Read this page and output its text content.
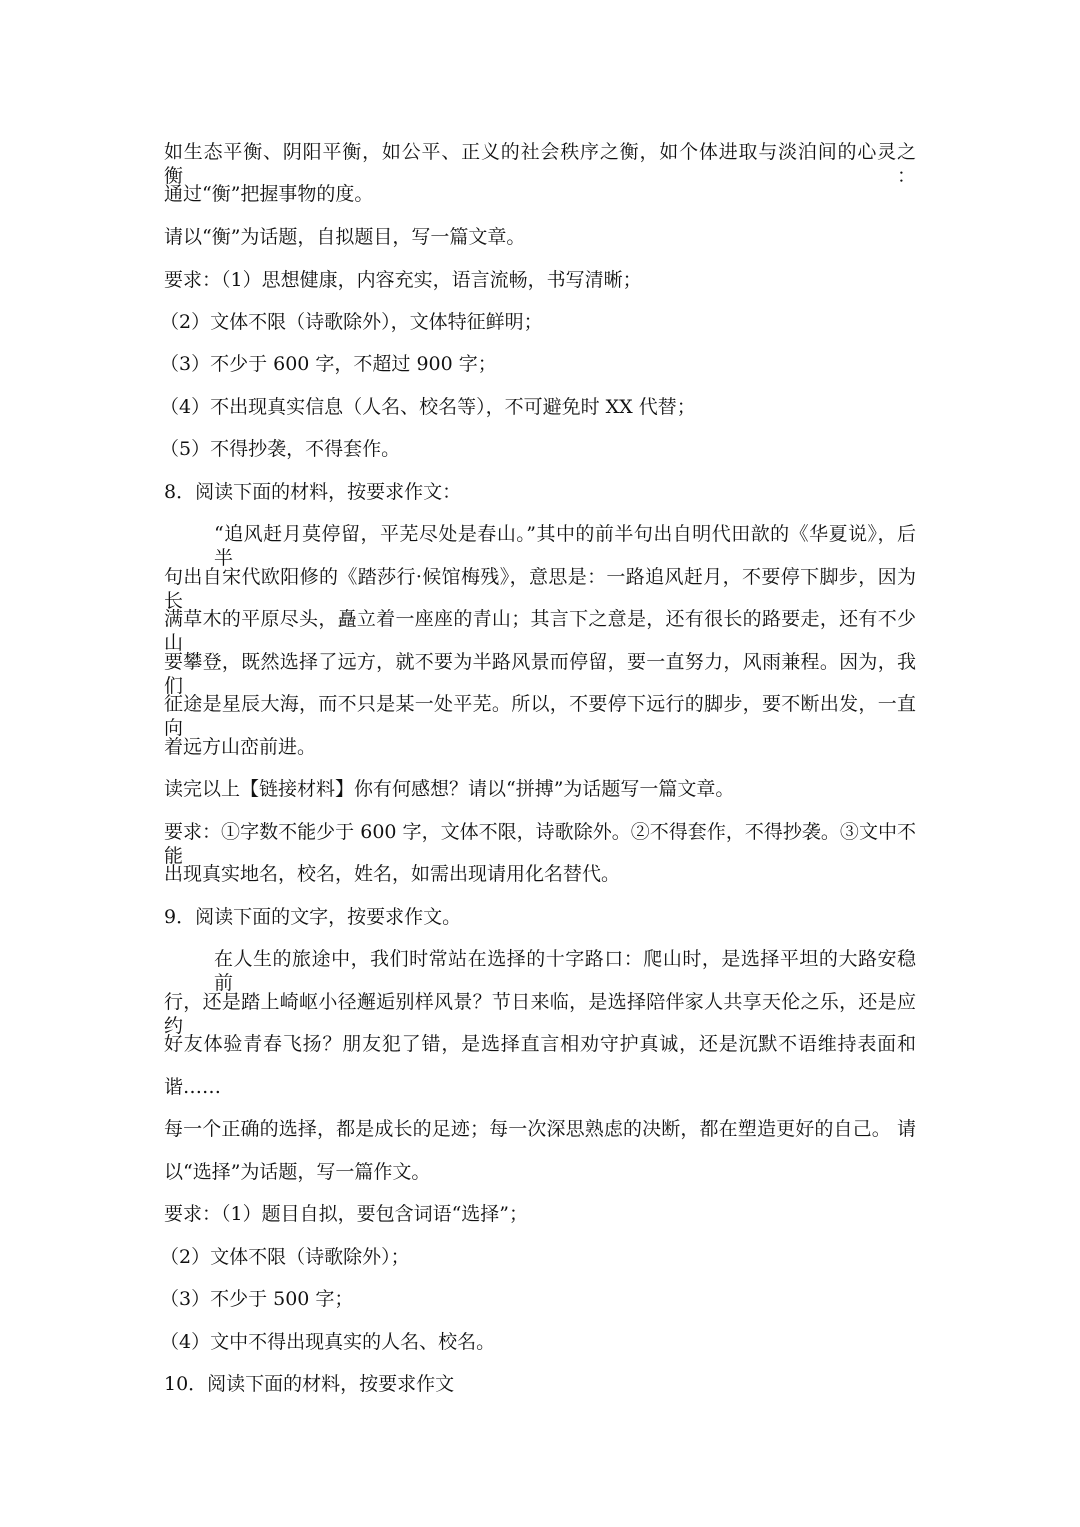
如生态平衡、阴阳平衡，如公平、正义的社会秩序之衡，如个体进取与淡泊间的心灵之衡：
通过“衡”把握事物的度。
请以“衡”为话题，自拟题目，写一篇文章。
要求：（1）思想健康，内容充实，语言流畅，书写清晰；
（2）文体不限（诗歌除外），文体特征鲜明；
（3）不少于 600 字，不超过 900 字；
（4）不出现真实信息（人名、校名等），不可避免时 XX 代替；
（5）不得抄袭，不得套作。
8．阅读下面的材料，按要求作文：
“追风赶月莫停留，平芜尽处是春山。”其中的前半句出自明代田歆的《华夏说》，后半
句出自宋代欧阳修的《踏莎行·候馆梅残》，意思是：一路追风赶月，不要停下脚步，因为长
满草木的平原尽头，矗立着一座座的青山；其言下之意是，还有很长的路要走，还有不少山
要攀登，既然选择了远方，就不要为半路风景而停留，要一直努力，风雨兼程。因为，我们
征途是星辰大海，而不只是某一处平芜。所以，不要停下远行的脚步，要不断出发，一直向
着远方山峦前进。
读完以上【链接材料】你有何感想？请以“拼搏”为话题写一篇文章。
要求：①字数不能少于 600 字，文体不限，诗歌除外。②不得套作，不得抄袭。③文中不能
出现真实地名，校名，姓名，如需出现请用化名替代。
9．阅读下面的文字，按要求作文。
在人生的旅途中，我们时常站在选择的十字路口：爬山时，是选择平坦的大路安稳前
行，还是踏上崎岖小径邂逅别样风景？节日来临，是选择陪伴家人共享天伦之乐，还是应约
好友体验青春飞扬？朋友犯了错，是选择直言相劝守护真诚，还是沉默不语维持表面和
谐……
每一个正确的选择，都是成长的足迹；每一次深思熟虑的决断，都在塑造更好的自己。 请
以“选择”为话题，写一篇作文。
要求：（1）题目自拟，要包含词语“选择”；
（2）文体不限（诗歌除外）；
（3）不少于 500 字；
（4）文中不得出现真实的人名、校名。
10．阅读下面的材料，按要求作文
